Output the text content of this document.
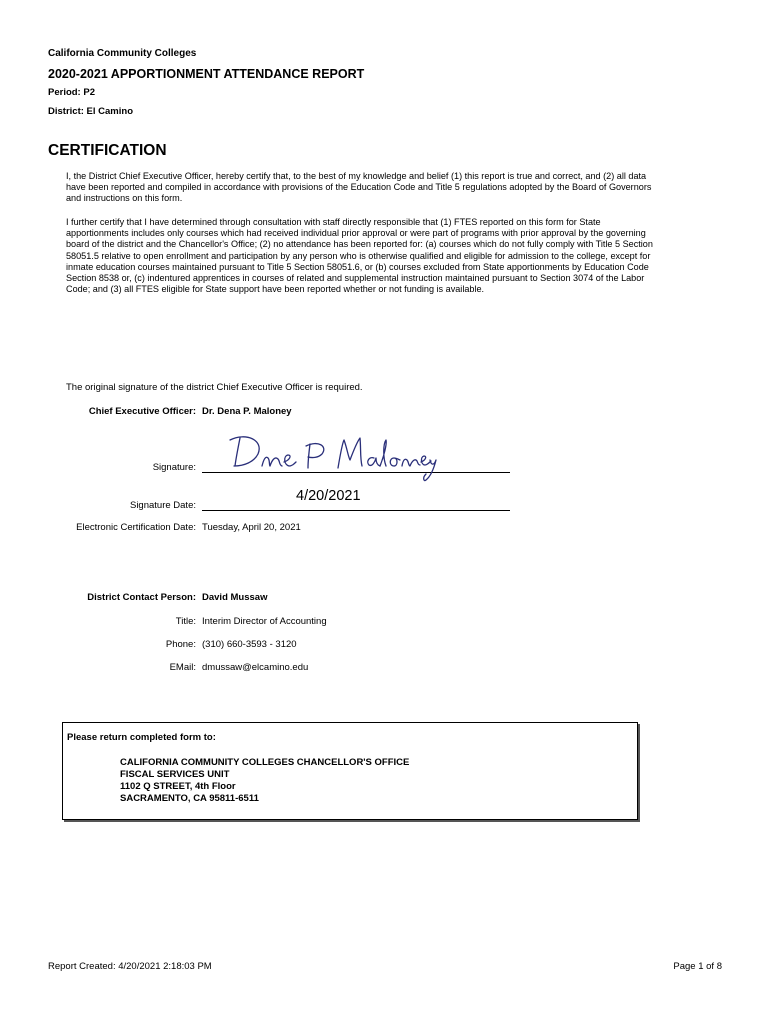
California Community Colleges
2020-2021 APPORTIONMENT ATTENDANCE REPORT
Period: P2
District: El Camino
CERTIFICATION

I, the District Chief Executive Officer, hereby certify that, to the best of my knowledge and belief (1) this report is true and correct, and (2) all data have been reported and compiled in accordance with provisions of the Education Code and Title 5 regulations adopted by the Board of Governors and instructions on this form.

I further certify that I have determined through consultation with staff directly responsible that (1) FTES reported on this form for State apportionments includes only courses which had received individual prior approval or were part of programs with prior approval by the governing board of the district and the Chancellor's Office; (2) no attendance has been reported for: (a) courses which do not fully comply with Title 5 Section 58051.5 relative to open enrollment and participation by any person who is otherwise qualified and eligible for admission to the college, except for inmate education courses maintained pursuant to Title 5 Section 58051.6, or (b) courses excluded from State apportionments by Education Code Section 8538 or, (c) indentured apprentices in courses of related and supplemental instruction maintained pursuant to Section 3074 of the Labor Code; and (3) all FTES eligible for State support have been reported whether or not funding is available.

The original signature of the district Chief Executive Officer is required.
Chief Executive Officer: Dr. Dena P. Maloney
Signature:
Signature Date:
4/20/2021
Electronic Certification Date: Tuesday, April 20, 2021
District Contact Person: David Mussaw
Title: Interim Director of Accounting
Phone: (310) 660-3593 - 3120
EMail: dmussaw@elcamino.edu
Please return completed form to:
CALIFORNIA COMMUNITY COLLEGES CHANCELLOR'S OFFICE
FISCAL SERVICES UNIT
1102 Q STREET, 4th Floor
SACRAMENTO, CA 95811-6511
Report Created: 4/20/2021 2:18:03 PM	Page 1 of 8
